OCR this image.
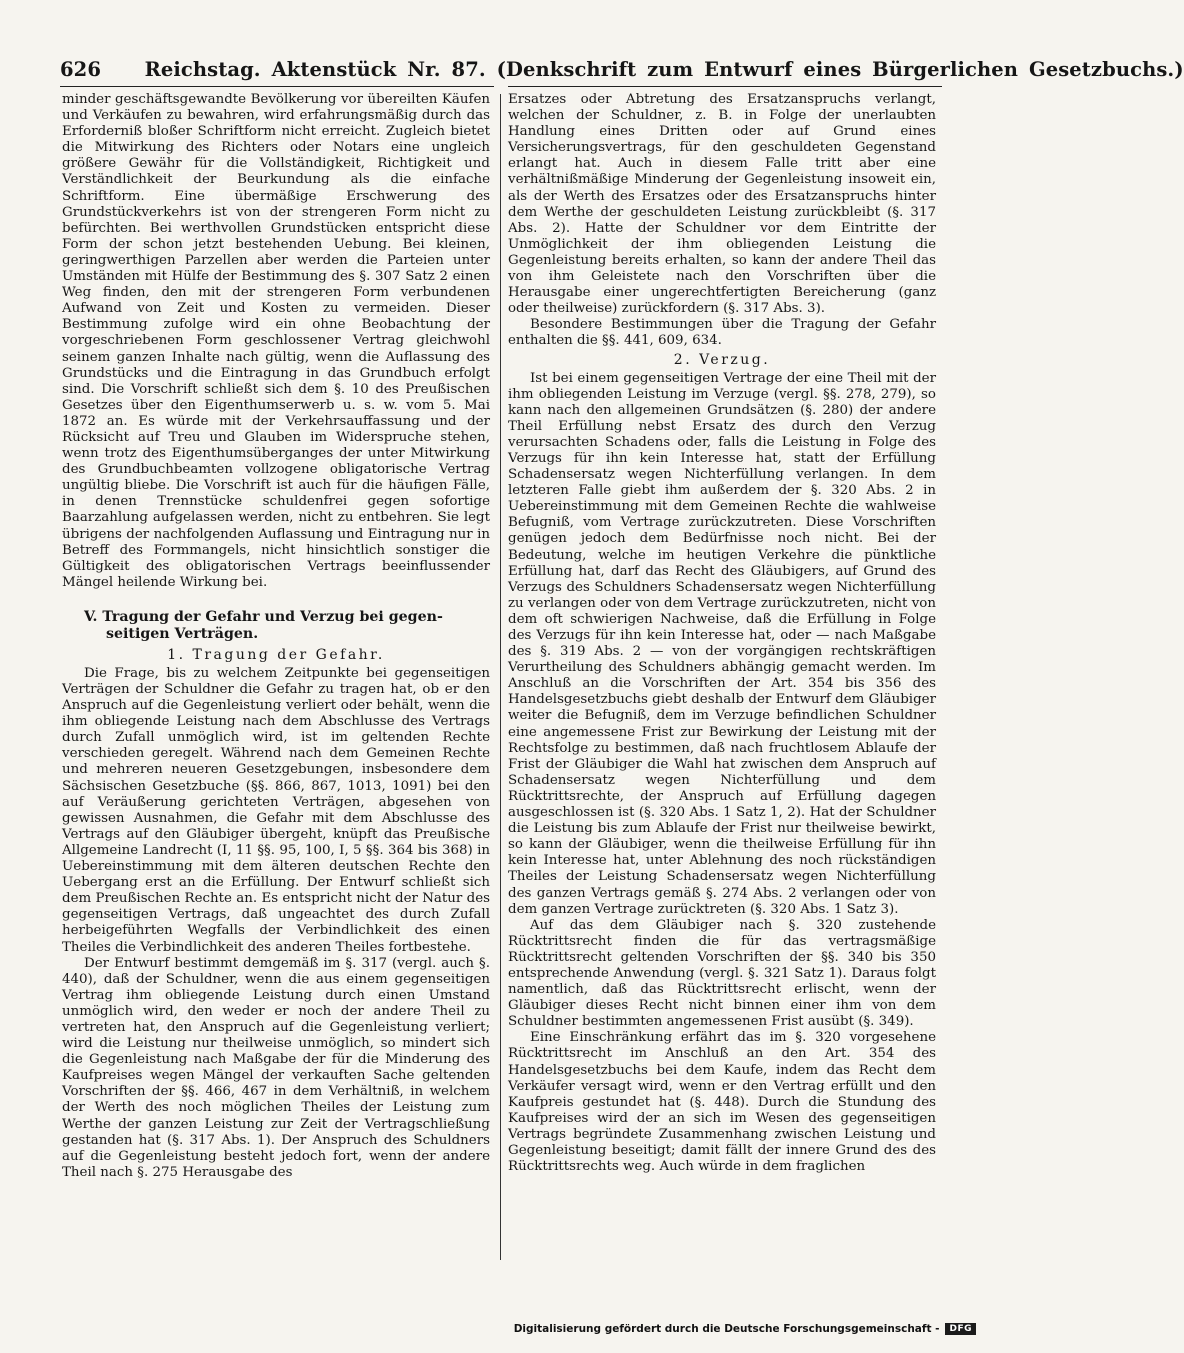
626 Reichstag. Aktenstück Nr. 87. (Denkschrift zum Entwurf eines Bürgerlichen Gesetzbuchs.)

minder geschäftsgewandte Bevölkerung vor übereilten Käufen und Verkäufen zu bewahren, wird erfahrungsmäßig durch das Erforderniß bloßer Schriftform nicht erreicht. Zugleich bietet die Mitwirkung des Richters oder Notars eine ungleich größere Gewähr für die Vollständigkeit, Richtigkeit und Verständlichkeit der Beurkundung als die einfache Schriftform. Eine übermäßige Erschwerung des Grundstückverkehrs ist von der strengeren Form nicht zu befürchten. Bei werthvollen Grundstücken entspricht diese Form der schon jetzt bestehenden Uebung. Bei kleinen, geringwerthigen Parzellen aber werden die Parteien unter Umständen mit Hülfe der Bestimmung des §. 307 Satz 2 einen Weg finden, den mit der strengeren Form verbundenen Aufwand von Zeit und Kosten zu vermeiden. Dieser Bestimmung zufolge wird ein ohne Beobachtung der vorgeschriebenen Form geschlossener Vertrag gleichwohl seinem ganzen Inhalte nach gültig, wenn die Auflassung des Grundstücks und die Eintragung in das Grundbuch erfolgt sind. Die Vorschrift schließt sich dem §. 10 des Preußischen Gesetzes über den Eigenthumserwerb u. s. w. vom 5. Mai 1872 an. Es würde mit der Verkehrsauffassung und der Rücksicht auf Treu und Glauben im Widerspruche stehen, wenn trotz des Eigenthumsüberganges der unter Mitwirkung des Grundbuchbeamten vollzogene obligatorische Vertrag ungültig bliebe. Die Vorschrift ist auch für die häufigen Fälle, in denen Trennstücke schuldenfrei gegen sofortige Baarzahlung aufgelassen werden, nicht zu entbehren. Sie legt übrigens der nachfolgenden Auflassung und Eintragung nur in Betreff des Formmangels, nicht hinsichtlich sonstiger die Gültigkeit des obligatorischen Vertrags beeinflussender Mängel heilende Wirkung bei.

V. Tragung der Gefahr und Verzug bei gegen-
seitigen Verträgen.
1. Tragung der Gefahr.

Die Frage, bis zu welchem Zeitpunkte bei gegenseitigen Verträgen der Schuldner die Gefahr zu tragen hat, ob er den Anspruch auf die Gegenleistung verliert oder behält, wenn die ihm obliegende Leistung nach dem Abschlusse des Vertrags durch Zufall unmöglich wird, ist im geltenden Rechte verschieden geregelt. Während nach dem Gemeinen Rechte und mehreren neueren Gesetzgebungen, insbesondere dem Sächsischen Gesetzbuche (§§. 866, 867, 1013, 1091) bei den auf Veräußerung gerichteten Verträgen, abgesehen von gewissen Ausnahmen, die Gefahr mit dem Abschlusse des Vertrags auf den Gläubiger übergeht, knüpft das Preußische Allgemeine Landrecht (I, 11 §§. 95, 100, I, 5 §§. 364 bis 368) in Uebereinstimmung mit dem älteren deutschen Rechte den Uebergang erst an die Erfüllung. Der Entwurf schließt sich dem Preußischen Rechte an. Es entspricht nicht der Natur des gegenseitigen Vertrags, daß ungeachtet des durch Zufall herbeigeführten Wegfalls der Verbindlichkeit des einen Theiles die Verbindlichkeit des anderen Theiles fortbestehe.

Der Entwurf bestimmt demgemäß im §. 317 (vergl. auch §. 440), daß der Schuldner, wenn die aus einem gegenseitigen Vertrag ihm obliegende Leistung durch einen Umstand unmöglich wird, den weder er noch der andere Theil zu vertreten hat, den Anspruch auf die Gegenleistung verliert; wird die Leistung nur theilweise unmöglich, so mindert sich die Gegenleistung nach Maßgabe der für die Minderung des Kaufpreises wegen Mängel der verkauften Sache geltenden Vorschriften der §§. 466, 467 in dem Verhältniß, in welchem der Werth des noch möglichen Theiles der Leistung zum Werthe der ganzen Leistung zur Zeit der Vertragschließung gestanden hat (§. 317 Abs. 1). Der Anspruch des Schuldners auf die Gegenleistung besteht jedoch fort, wenn der andere Theil nach §. 275 Herausgabe des

Ersatzes oder Abtretung des Ersatzanspruchs verlangt, welchen der Schuldner, z. B. in Folge der unerlaubten Handlung eines Dritten oder auf Grund eines Versicherungsvertrags, für den geschuldeten Gegenstand erlangt hat. Auch in diesem Falle tritt aber eine verhältnißmäßige Minderung der Gegenleistung insoweit ein, als der Werth des Ersatzes oder des Ersatzanspruchs hinter dem Werthe der geschuldeten Leistung zurückbleibt (§. 317 Abs. 2). Hatte der Schuldner vor dem Eintritte der Unmöglichkeit der ihm obliegenden Leistung die Gegenleistung bereits erhalten, so kann der andere Theil das von ihm Geleistete nach den Vorschriften über die Herausgabe einer ungerechtfertigten Bereicherung (ganz oder theilweise) zurückfordern (§. 317 Abs. 3).

Besondere Bestimmungen über die Tragung der Gefahr enthalten die §§. 441, 609, 634.

2. Verzug.

Ist bei einem gegenseitigen Vertrage der eine Theil mit der ihm obliegenden Leistung im Verzuge (vergl. §§. 278, 279), so kann nach den allgemeinen Grundsätzen (§. 280) der andere Theil Erfüllung nebst Ersatz des durch den Verzug verursachten Schadens oder, falls die Leistung in Folge des Verzugs für ihn kein Interesse hat, statt der Erfüllung Schadensersatz wegen Nichterfüllung verlangen. In dem letzteren Falle giebt ihm außerdem der §. 320 Abs. 2 in Uebereinstimmung mit dem Gemeinen Rechte die wahlweise Befugniß, vom Vertrage zurückzutreten. Diese Vorschriften genügen jedoch dem Bedürfnisse noch nicht. Bei der Bedeutung, welche im heutigen Verkehre die pünktliche Erfüllung hat, darf das Recht des Gläubigers, auf Grund des Verzugs des Schuldners Schadensersatz wegen Nichterfüllung zu verlangen oder von dem Vertrage zurückzutreten, nicht von dem oft schwierigen Nachweise, daß die Erfüllung in Folge des Verzugs für ihn kein Interesse hat, oder — nach Maßgabe des §. 319 Abs. 2 — von der vorgängigen rechtskräftigen Verurtheilung des Schuldners abhängig gemacht werden. Im Anschluß an die Vorschriften der Art. 354 bis 356 des Handelsgesetzbuchs giebt deshalb der Entwurf dem Gläubiger weiter die Befugniß, dem im Verzuge befindlichen Schuldner eine angemessene Frist zur Bewirkung der Leistung mit der Rechtsfolge zu bestimmen, daß nach fruchtlosem Ablaufe der Frist der Gläubiger die Wahl hat zwischen dem Anspruch auf Schadensersatz wegen Nichterfüllung und dem Rücktrittsrechte, der Anspruch auf Erfüllung dagegen ausgeschlossen ist (§. 320 Abs. 1 Satz 1, 2). Hat der Schuldner die Leistung bis zum Ablaufe der Frist nur theilweise bewirkt, so kann der Gläubiger, wenn die theilweise Erfüllung für ihn kein Interesse hat, unter Ablehnung des noch rückständigen Theiles der Leistung Schadensersatz wegen Nichterfüllung des ganzen Vertrags gemäß §. 274 Abs. 2 verlangen oder von dem ganzen Vertrage zurücktreten (§. 320 Abs. 1 Satz 3).

Auf das dem Gläubiger nach §. 320 zustehende Rücktrittsrecht finden die für das vertragsmäßige Rücktrittsrecht geltenden Vorschriften der §§. 340 bis 350 entsprechende Anwendung (vergl. §. 321 Satz 1). Daraus folgt namentlich, daß das Rücktrittsrecht erlischt, wenn der Gläubiger dieses Recht nicht binnen einer ihm von dem Schuldner bestimmten angemessenen Frist ausübt (§. 349).

Eine Einschränkung erfährt das im §. 320 vorgesehene Rücktrittsrecht im Anschluß an den Art. 354 des Handelsgesetzbuchs bei dem Kaufe, indem das Recht dem Verkäufer versagt wird, wenn er den Vertrag erfüllt und den Kaufpreis gestundet hat (§. 448). Durch die Stundung des Kaufpreises wird der an sich im Wesen des gegenseitigen Vertrags begründete Zusammenhang zwischen Leistung und Gegenleistung beseitigt; damit fällt der innere Grund des des Rücktrittsrechts weg. Auch würde in dem fraglichen

Digitalisierung gefördert durch die Deutsche Forschungsgemeinschaft -	DFG
